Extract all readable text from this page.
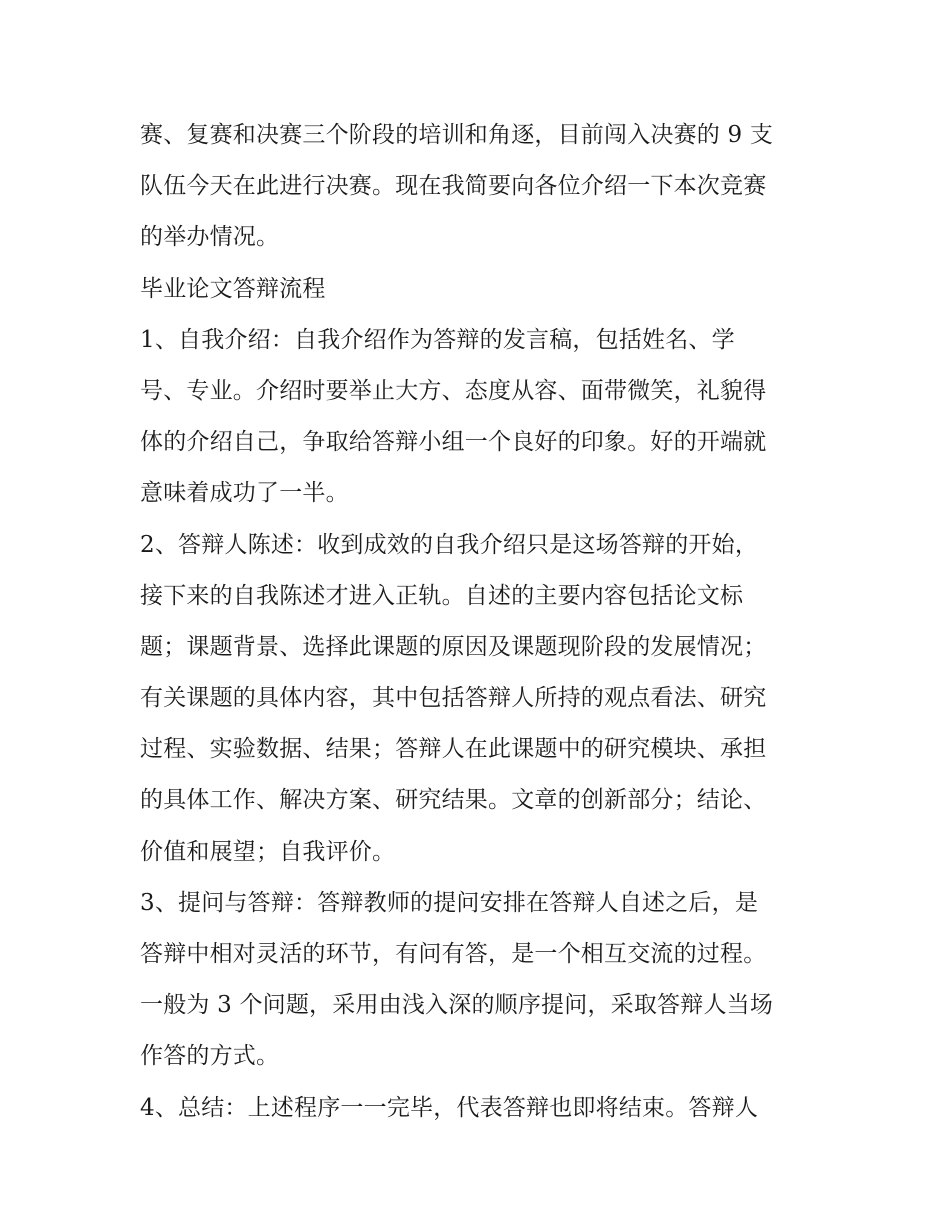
赛、复赛和决赛三个阶段的培训和角逐，目前闯入决赛的 9 支
队伍今天在此进行决赛。现在我简要向各位介绍一下本次竞赛
的举办情况。
毕业论文答辩流程
1、自我介绍：自我介绍作为答辩的发言稿，包括姓名、学
号、专业。介绍时要举止大方、态度从容、面带微笑，礼貌得
体的介绍自己，争取给答辩小组一个良好的印象。好的开端就
意味着成功了一半。
2、答辩人陈述：收到成效的自我介绍只是这场答辩的开始，
接下来的自我陈述才进入正轨。自述的主要内容包括论文标
题；课题背景、选择此课题的原因及课题现阶段的发展情况；
有关课题的具体内容，其中包括答辩人所持的观点看法、研究
过程、实验数据、结果；答辩人在此课题中的研究模块、承担
的具体工作、解决方案、研究结果。文章的创新部分；结论、
价值和展望；自我评价。
3、提问与答辩：答辩教师的提问安排在答辩人自述之后，是
答辩中相对灵活的环节，有问有答，是一个相互交流的过程。
一般为 3 个问题，采用由浅入深的顺序提问，采取答辩人当场
作答的方式。
4、总结：上述程序一一完毕，代表答辩也即将结束。答辩人
